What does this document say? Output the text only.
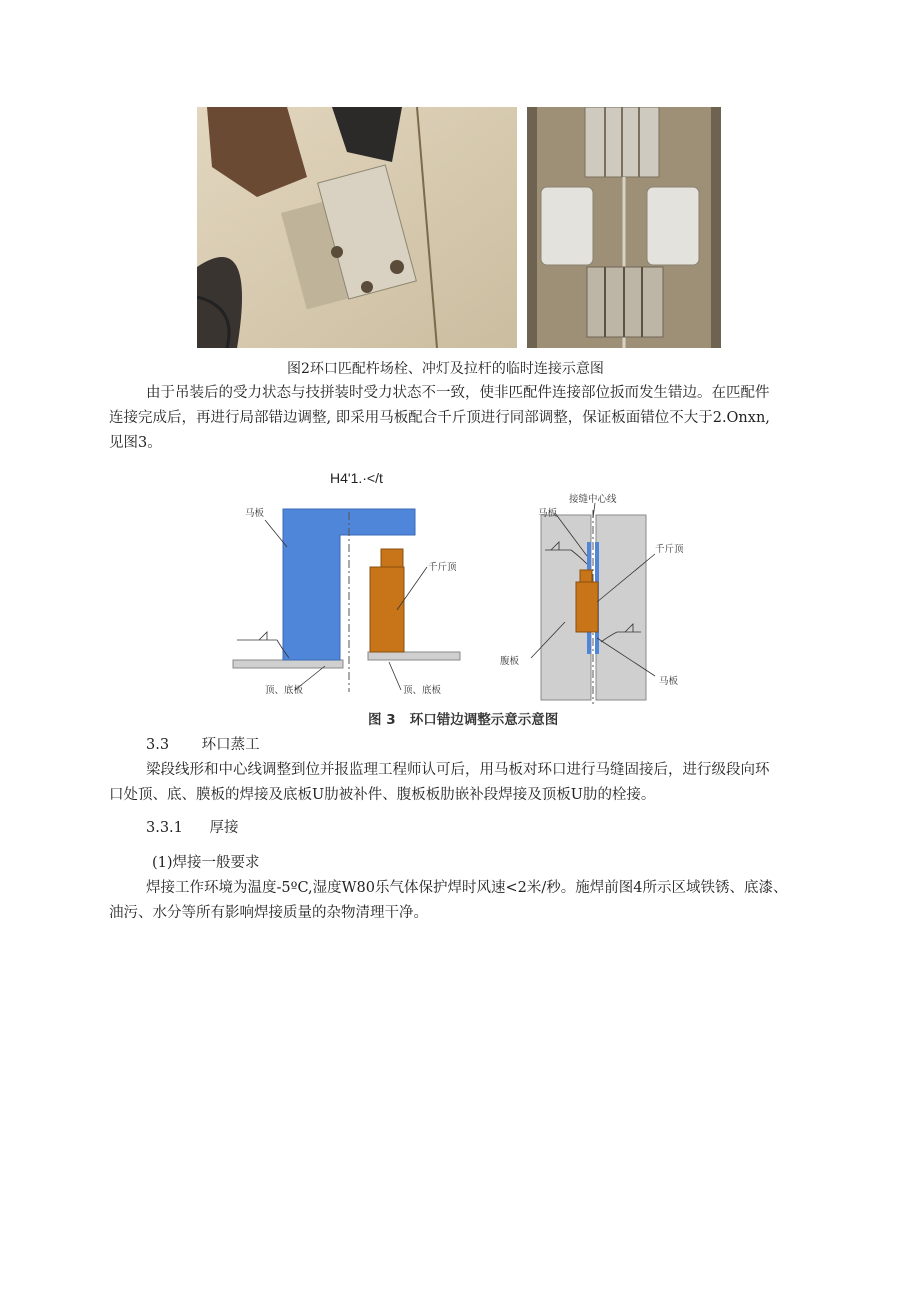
图2环口匹配杵场栓、冲灯及拉杆的临时连接示意图
由于吊装后的受力状态与技拼装时受力状态不一致，使非匹配件连接部位扳而发生错边。在匹配件
连接完成后，再进行局部错边调整, 即采用马板配合千斤顶进行同部调整，保证板面错位不大于2.Onxn,
见图3。
H4'1.·</t
马板
千斤顶
顶、底板	顶、底板
马板
接缝中心线
千斤顶
腹板
马板
图 3   环口错边调整示意示意图
3.3 环口蒸工
梁段线形和中心线调整到位并报监理工程师认可后，用马板对环口进行马缝固接后，进行级段向环
口处顶、底、膜板的焊接及底板U肋被补件、腹板板肋嵌补段焊接及顶板U肋的栓接。
3.3.1 厚接
(1)焊接一般要求
焊接工作环境为温度-5ºC,湿度W80乐气体保护焊时风速<2米/秒。施焊前图4所示区域铁锈、底漆、
油污、水分等所有影响焊接质量的杂物清理干净。
